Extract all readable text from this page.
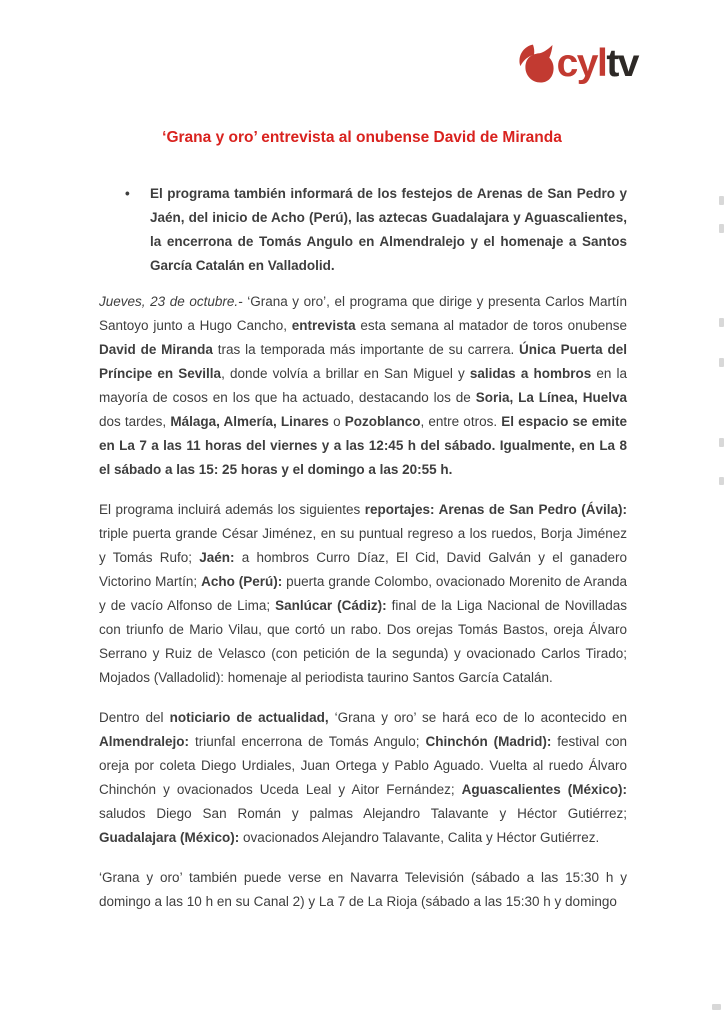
cyl tv
‘Grana y oro’ entrevista al onubense David de Miranda
•	El programa también informará de los festejos de Arenas de San Pedro y Jaén, del inicio de Acho (Perú), las aztecas Guadalajara y Aguascalientes, la encerrona de Tomás Angulo en Almendralejo y el homenaje a Santos García Catalán en Valladolid.

Jueves, 23 de octubre.- ‘Grana y oro’, el programa que dirige y presenta Carlos Martín Santoyo junto a Hugo Cancho, entrevista esta semana al matador de toros onubense David de Miranda tras la temporada más importante de su carrera. Única Puerta del Príncipe en Sevilla, donde volvía a brillar en San Miguel y salidas a hombros en la mayoría de cosos en los que ha actuado, destacando los de Soria, La Línea, Huelva dos tardes, Málaga, Almería, Linares o Pozoblanco, entre otros. El espacio se emite en La 7 a las 11 horas del viernes y a las 12:45 h del sábado. Igualmente, en La 8 el sábado a las 15: 25 horas y el domingo a las 20:55 h.

El programa incluirá además los siguientes reportajes: Arenas de San Pedro (Ávila): triple puerta grande César Jiménez, en su puntual regreso a los ruedos, Borja Jiménez y Tomás Rufo; Jaén: a hombros Curro Díaz, El Cid, David Galván y el ganadero Victorino Martín; Acho (Perú): puerta grande Colombo, ovacionado Morenito de Aranda y de vacío Alfonso de Lima; Sanlúcar (Cádiz): final de la Liga Nacional de Novilladas con triunfo de Mario Vilau, que cortó un rabo. Dos orejas Tomás Bastos, oreja Álvaro Serrano y Ruiz de Velasco (con petición de la segunda) y ovacionado Carlos Tirado; Mojados (Valladolid): homenaje al periodista taurino Santos García Catalán.

Dentro del noticiario de actualidad, ‘Grana y oro’ se hará eco de lo acontecido en Almendralejo: triunfal encerrona de Tomás Angulo; Chinchón (Madrid): festival con oreja por coleta Diego Urdiales, Juan Ortega y Pablo Aguado. Vuelta al ruedo Álvaro Chinchón y ovacionados Uceda Leal y Aitor Fernández; Aguascalientes (México): saludos Diego San Román y palmas Alejandro Talavante y Héctor Gutiérrez; Guadalajara (México): ovacionados Alejandro Talavante, Calita y Héctor Gutiérrez.

‘Grana y oro’ también puede verse en Navarra Televisión (sábado a las 15:30 h y domingo a las 10 h en su Canal 2) y La 7 de La Rioja (sábado a las 15:30 h y domingo
